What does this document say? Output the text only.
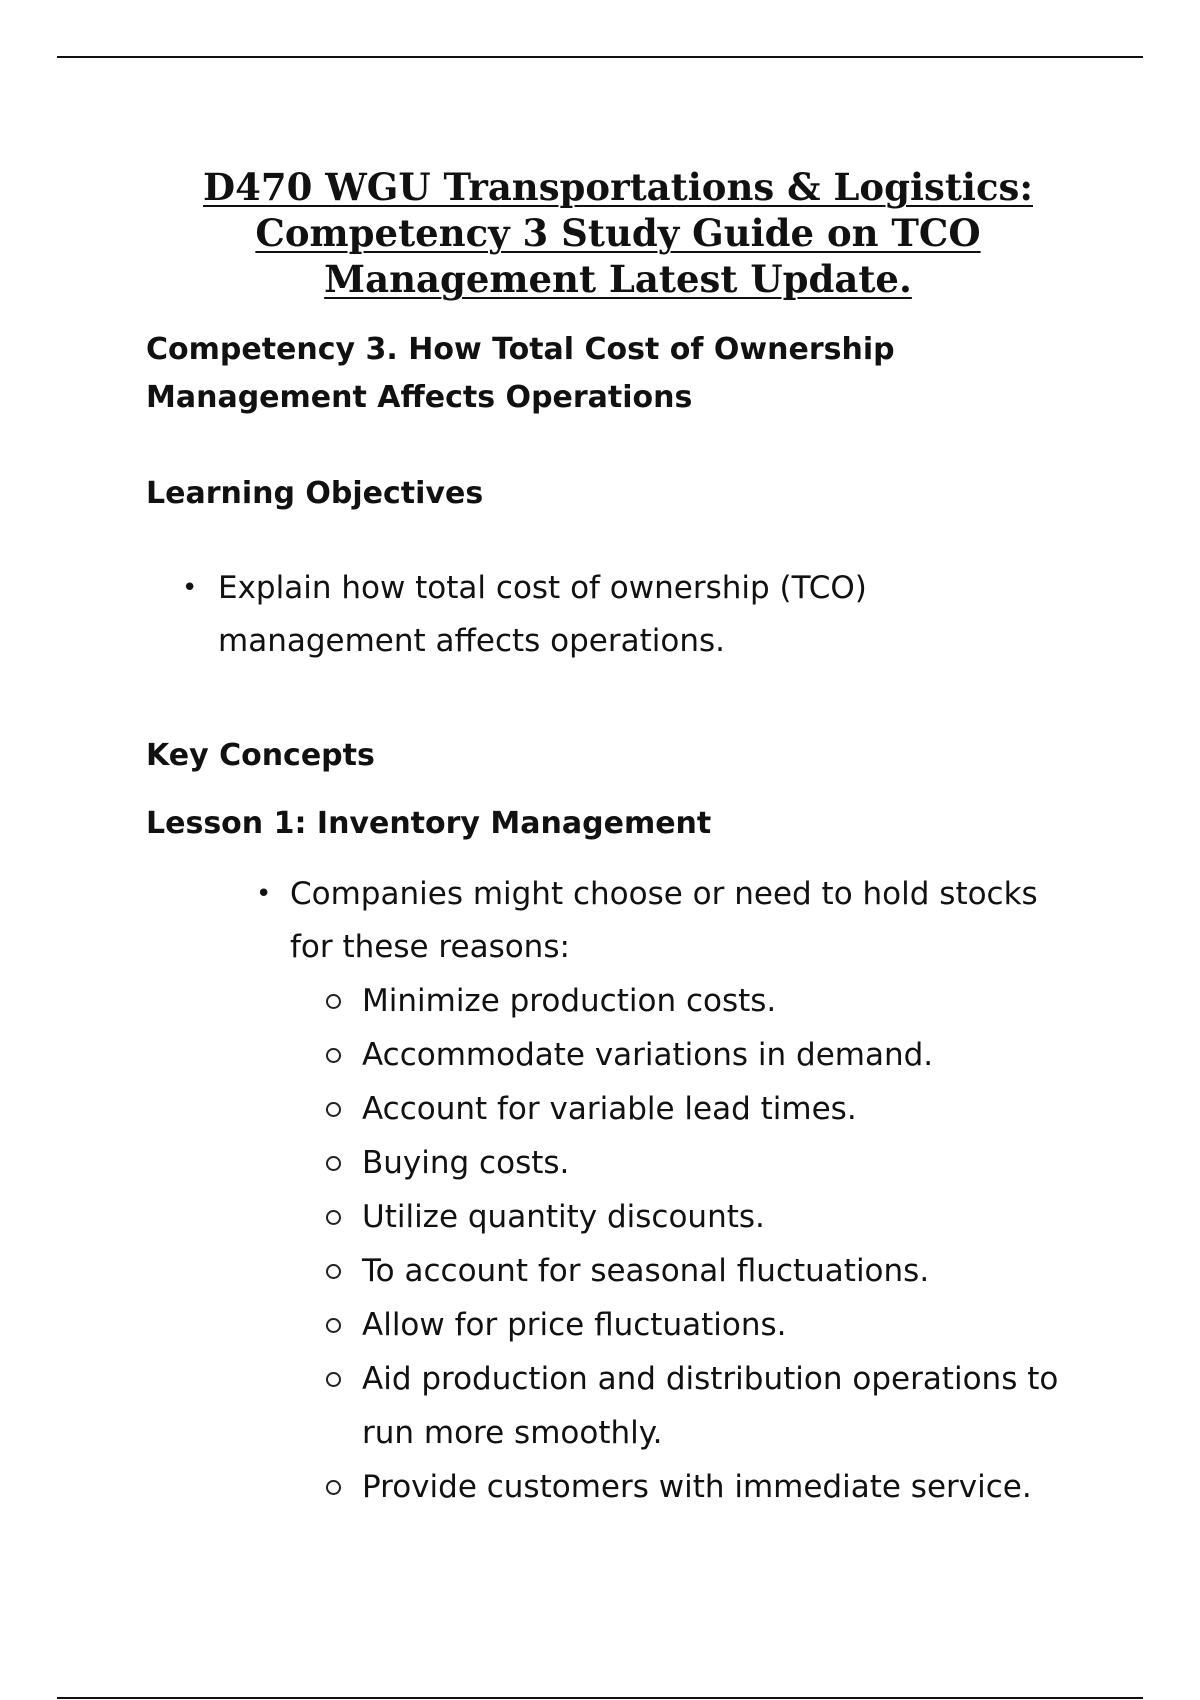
D470 WGU Transportations & Logistics:
Competency 3 Study Guide on TCO
Management Latest Update.

Competency 3. How Total Cost of Ownership Management Affects Operations

Learning Objectives

• Explain how total cost of ownership (TCO) management affects operations.

Key Concepts

Lesson 1: Inventory Management

• Companies might choose or need to hold stocks for these reasons:
Minimize production costs.
Accommodate variations in demand.
Account for variable lead times.
Buying costs.
Utilize quantity discounts.
To account for seasonal fluctuations.
Allow for price fluctuations.
Aid production and distribution operations to run more smoothly.
Provide customers with immediate service.
